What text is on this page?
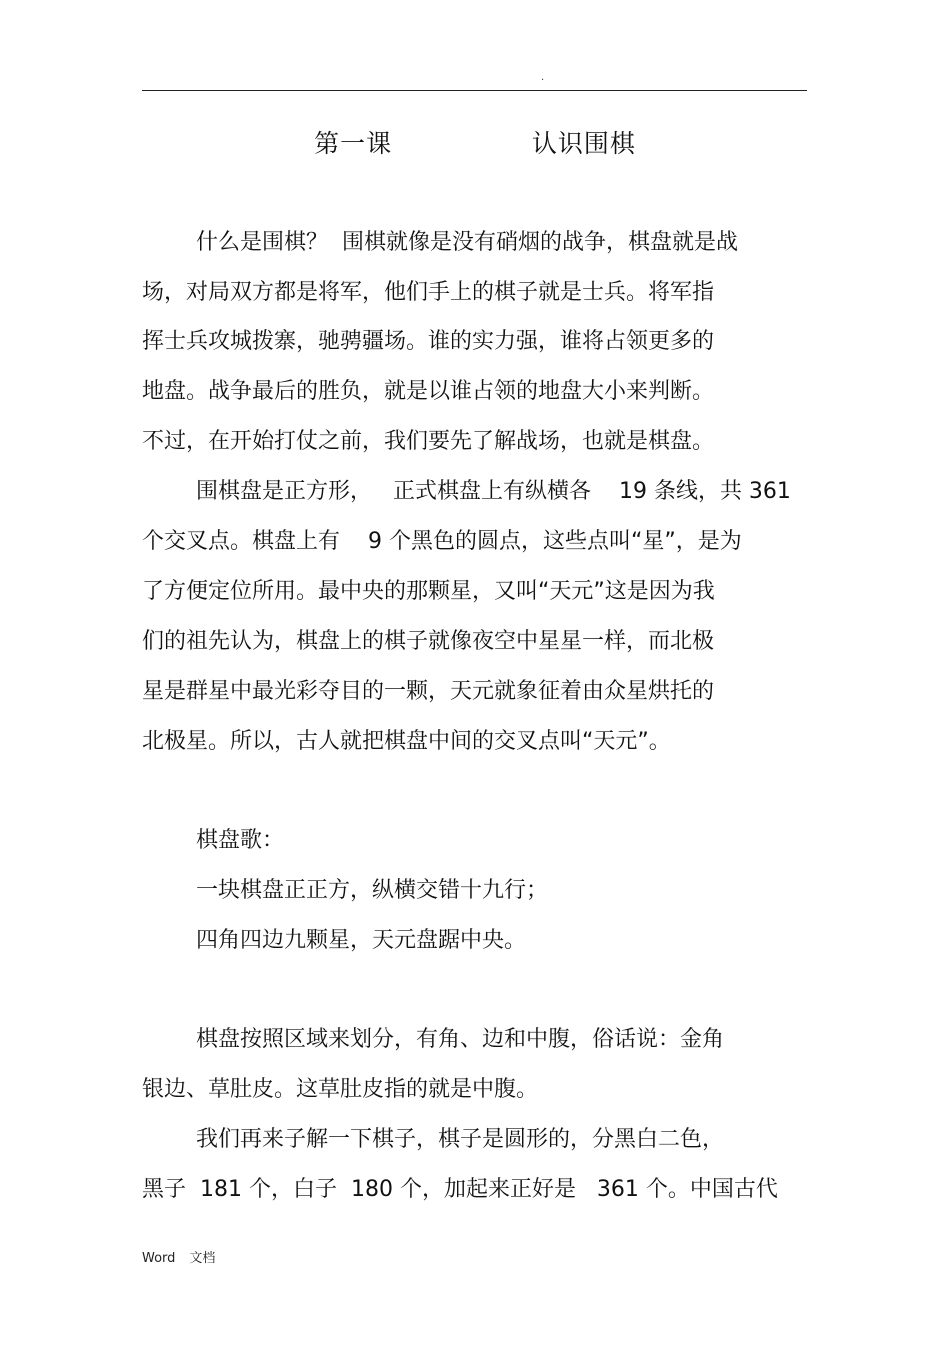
.
第一课    认识围棋
什么是围棋？  围棋就像是没有硝烟的战争，棋盘就是战
场，对局双方都是将军，他们手上的棋子就是士兵。将军指
挥士兵攻城拨寨，驰骋疆场。谁的实力强，谁将占领更多的
地盘。战争最后的胜负，就是以谁占领的地盘大小来判断。
不过，在开始打仗之前，我们要先了解战场，也就是棋盘。
围棋盘是正方形，   正式棋盘上有纵横各    19 条线，共 361
个交叉点。棋盘上有    9 个黑色的圆点，这些点叫“星”，是为
了方便定位所用。最中央的那颗星，又叫“天元”这是因为我
们的祖先认为，棋盘上的棋子就像夜空中星星一样，而北极
星是群星中最光彩夺目的一颗，天元就象征着由众星烘托的
北极星。所以，古人就把棋盘中间的交叉点叫“天元”。
棋盘歌：
一块棋盘正正方，纵横交错十九行；
四角四边九颗星，天元盘踞中央。
棋盘按照区域来划分，有角、边和中腹，俗话说：金角
银边、草肚皮。这草肚皮指的就是中腹。
我们再来子解一下棋子，棋子是圆形的，分黑白二色，
黑子  181 个，白子  180 个，加起来正好是   361 个。中国古代
Word 文档
